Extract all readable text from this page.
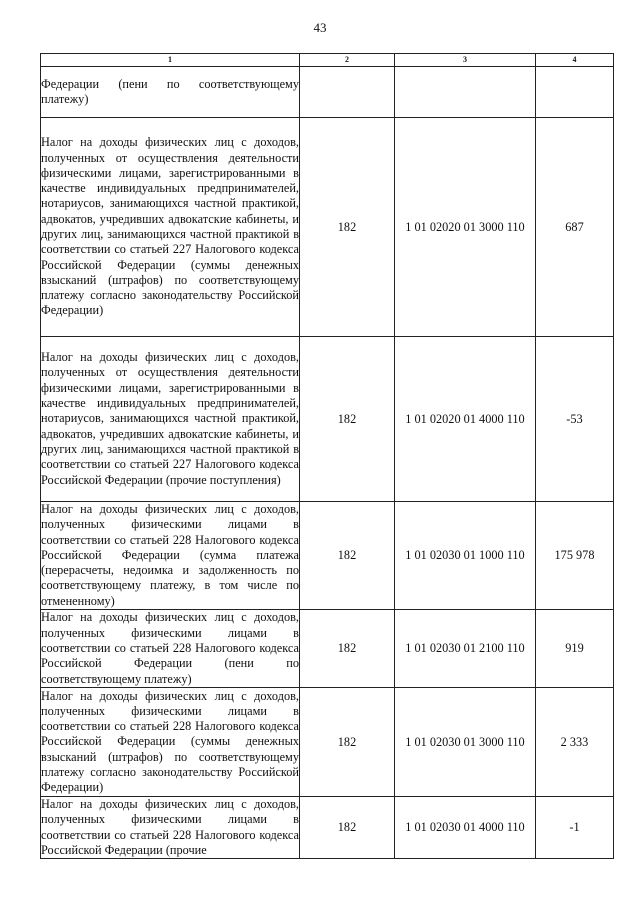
43
1	2	3	4
Федерации (пени по соответствующему платежу)			
Налог на доходы физических лиц с доходов, полученных от осуществления деятельности физическими лицами, зарегистрированными в качестве индивидуальных предпринимателей, нотариусов, занимающихся частной практикой, адвокатов, учредивших адвокатские кабинеты, и других лиц, занимающихся частной практикой в соответствии со статьей 227 Налогового кодекса Российской Федерации (суммы денежных взысканий (штрафов) по соответствующему платежу согласно законодательству Российской Федерации)	182	1 01 02020 01 3000 110	687
Налог на доходы физических лиц с доходов, полученных от осуществления деятельности физическими лицами, зарегистрированными в качестве индивидуальных предпринимателей, нотариусов, занимающихся частной практикой, адвокатов, учредивших адвокатские кабинеты, и других лиц, занимающихся частной практикой в соответствии со статьей 227 Налогового кодекса Российской Федерации (прочие поступления)	182	1 01 02020 01 4000 110	-53
Налог на доходы физических лиц с доходов, полученных физическими лицами в соответствии со статьей 228 Налогового кодекса Российской Федерации (сумма платежа (перерасчеты, недоимка и задолженность по соответствующему платежу, в том числе по отмененному)	182	1 01 02030 01 1000 110	175 978
Налог на доходы физических лиц с доходов, полученных физическими лицами в соответствии со статьей 228 Налогового кодекса Российской Федерации (пени по соответствующему платежу)	182	1 01 02030 01 2100 110	919
Налог на доходы физических лиц с доходов, полученных физическими лицами в соответствии со статьей 228 Налогового кодекса Российской Федерации (суммы денежных взысканий (штрафов) по соответствующему платежу согласно законодательству Российской Федерации)	182	1 01 02030 01 3000 110	2 333
Налог на доходы физических лиц с доходов, полученных физическими лицами в соответствии со статьей 228 Налогового кодекса Российской Федерации (прочие	182	1 01 02030 01 4000 110	-1
